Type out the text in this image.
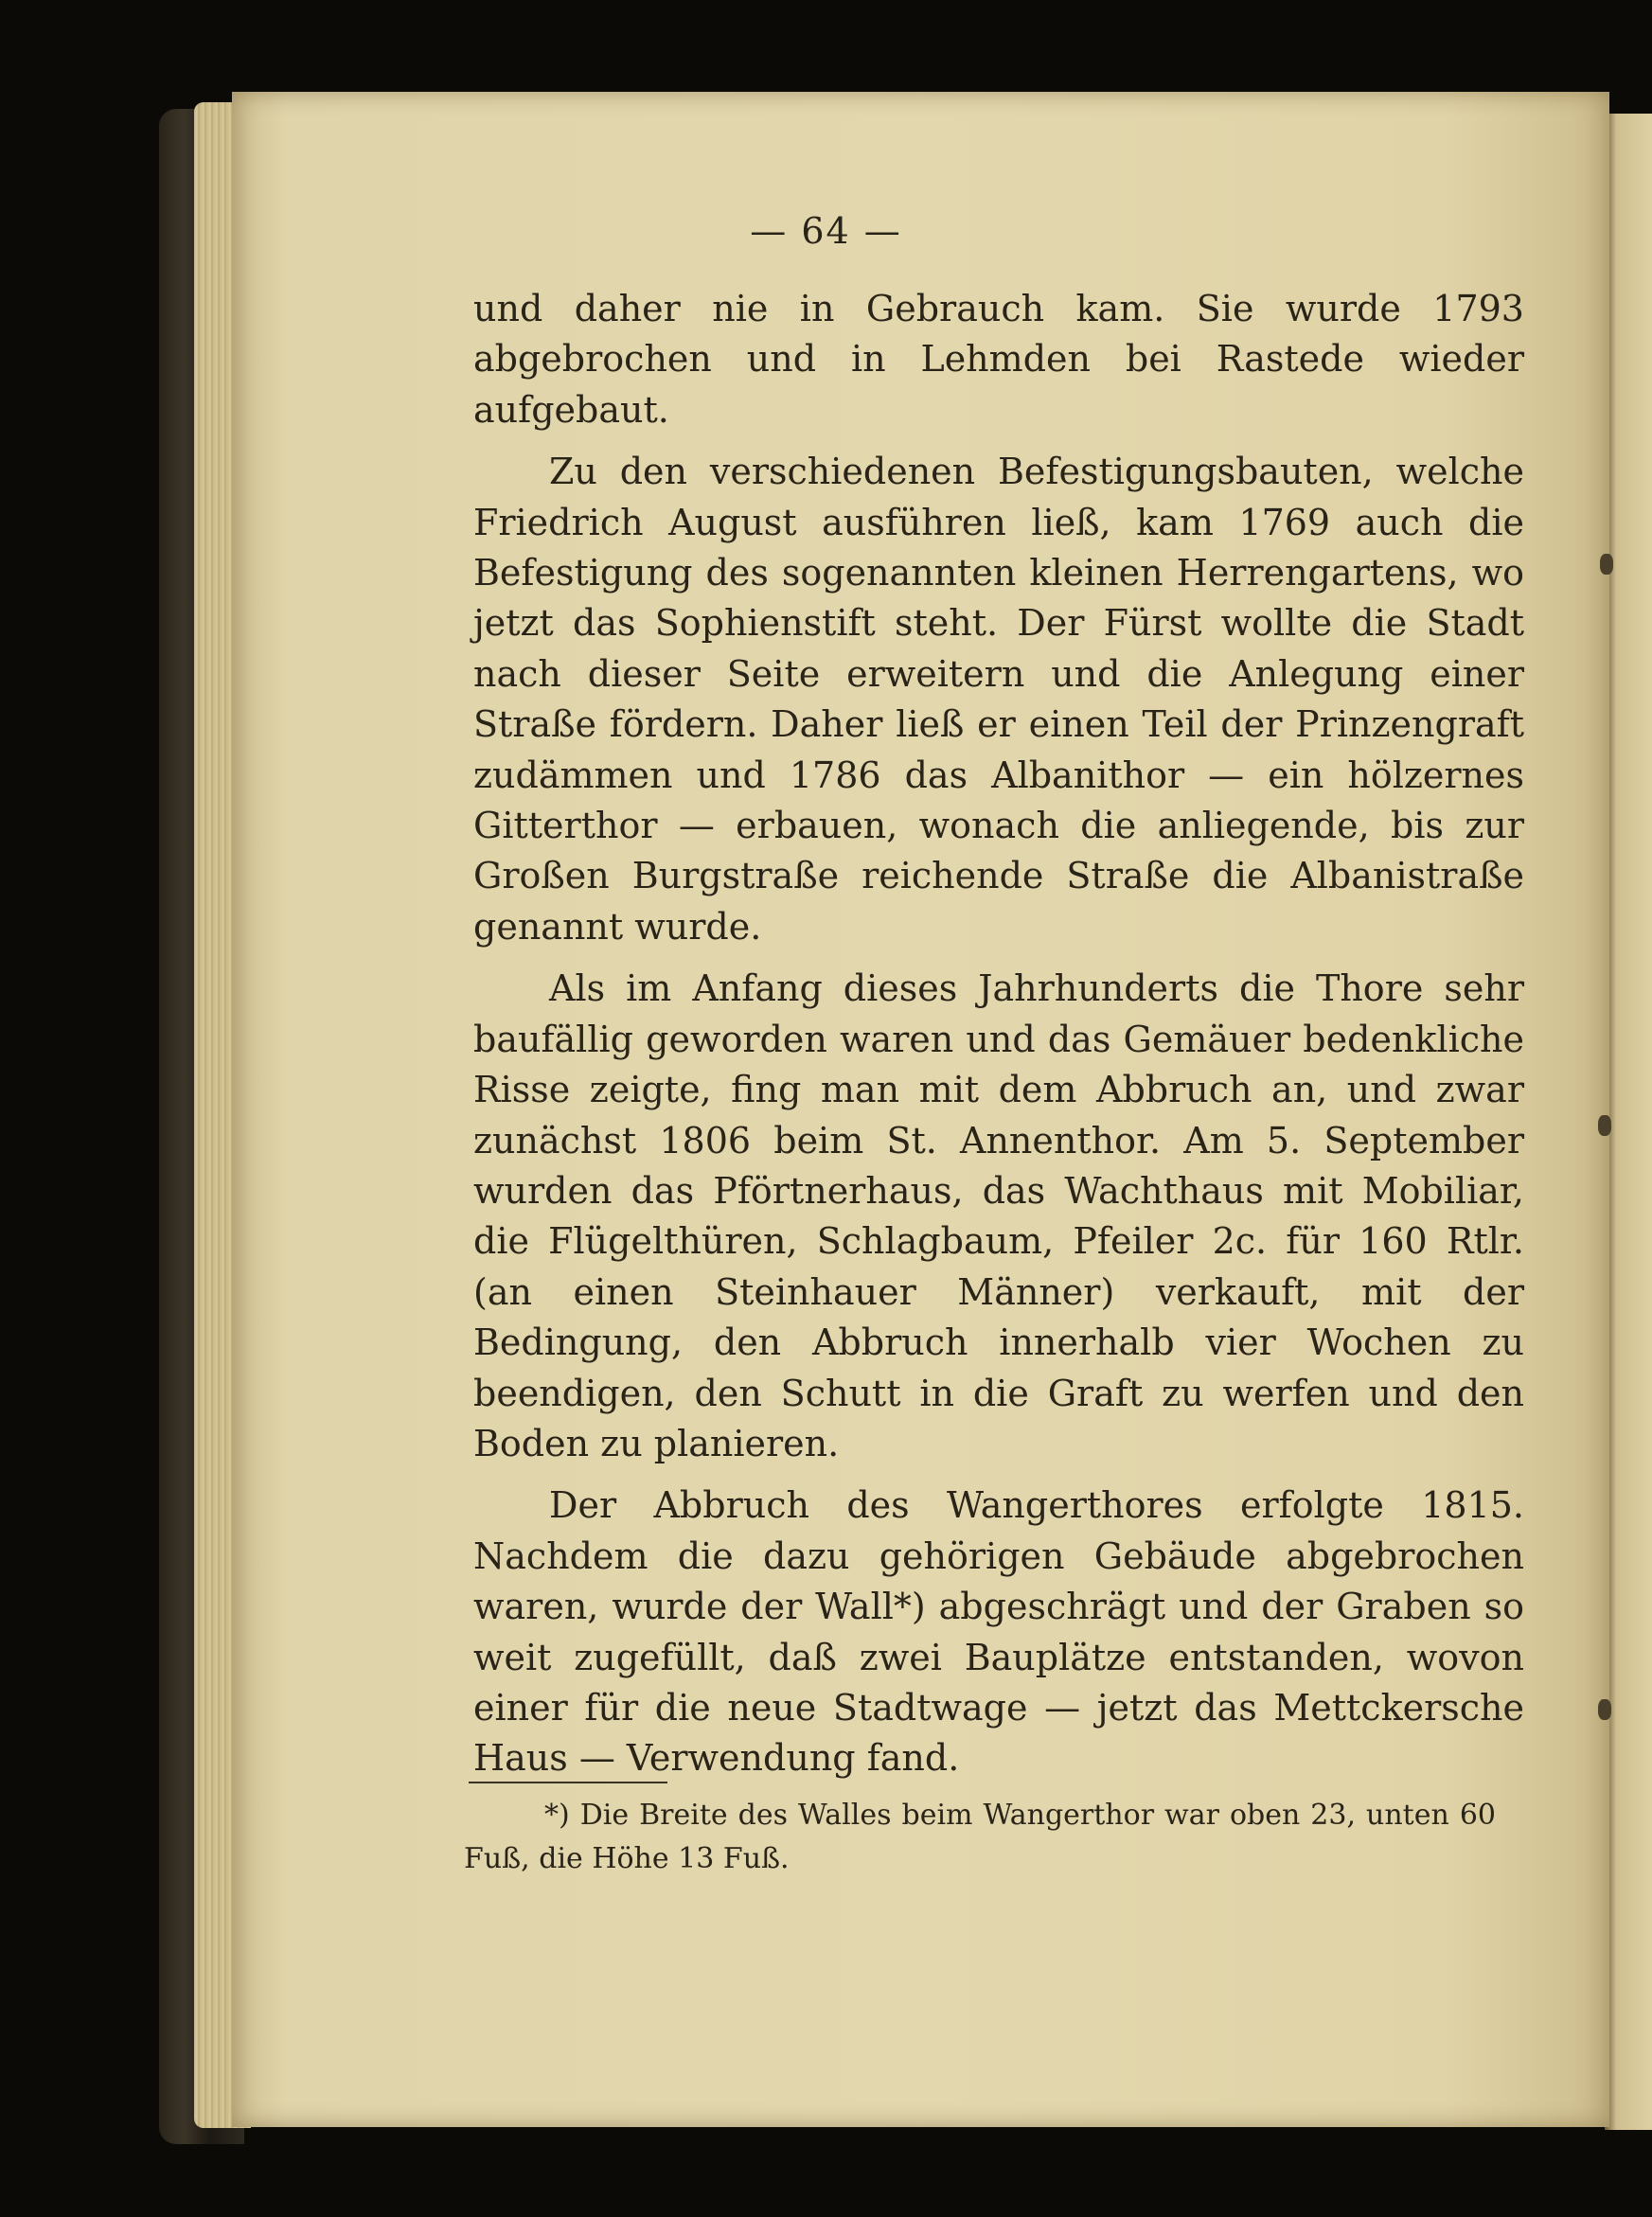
— 64 —

und daher nie in Gebrauch kam. Sie wurde 1793 abgebrochen und in Lehmden bei Rastede wieder aufgebaut.

Zu den verschiedenen Befestigungsbauten, welche Friedrich August ausführen ließ, kam 1769 auch die Befestigung des sogenannten kleinen Herrengartens, wo jetzt das Sophienstift steht. Der Fürst wollte die Stadt nach dieser Seite erweitern und die Anlegung einer Straße fördern. Daher ließ er einen Teil der Prinzengraft zudämmen und 1786 das Albanithor — ein hölzernes Gitterthor — erbauen, wonach die anliegende, bis zur Großen Burgstraße reichende Straße die Albanistraße genannt wurde.

Als im Anfang dieses Jahrhunderts die Thore sehr baufällig geworden waren und das Gemäuer bedenkliche Risse zeigte, fing man mit dem Abbruch an, und zwar zunächst 1806 beim St. Annenthor. Am 5. September wurden das Pförtnerhaus, das Wachthaus mit Mobiliar, die Flügelthüren, Schlagbaum, Pfeiler 2c. für 160 Rtlr. (an einen Steinhauer Männer) verkauft, mit der Bedingung, den Abbruch innerhalb vier Wochen zu beendigen, den Schutt in die Graft zu werfen und den Boden zu planieren.

Der Abbruch des Wangerthores erfolgte 1815. Nachdem die dazu gehörigen Gebäude abgebrochen waren, wurde der Wall*) abgeschrägt und der Graben so weit zugefüllt, daß zwei Bauplätze entstanden, wovon einer für die neue Stadtwage — jetzt das Mettckersche Haus — Verwendung fand.

*) Die Breite des Walles beim Wangerthor war oben 23, unten 60 Fuß, die Höhe 13 Fuß.
